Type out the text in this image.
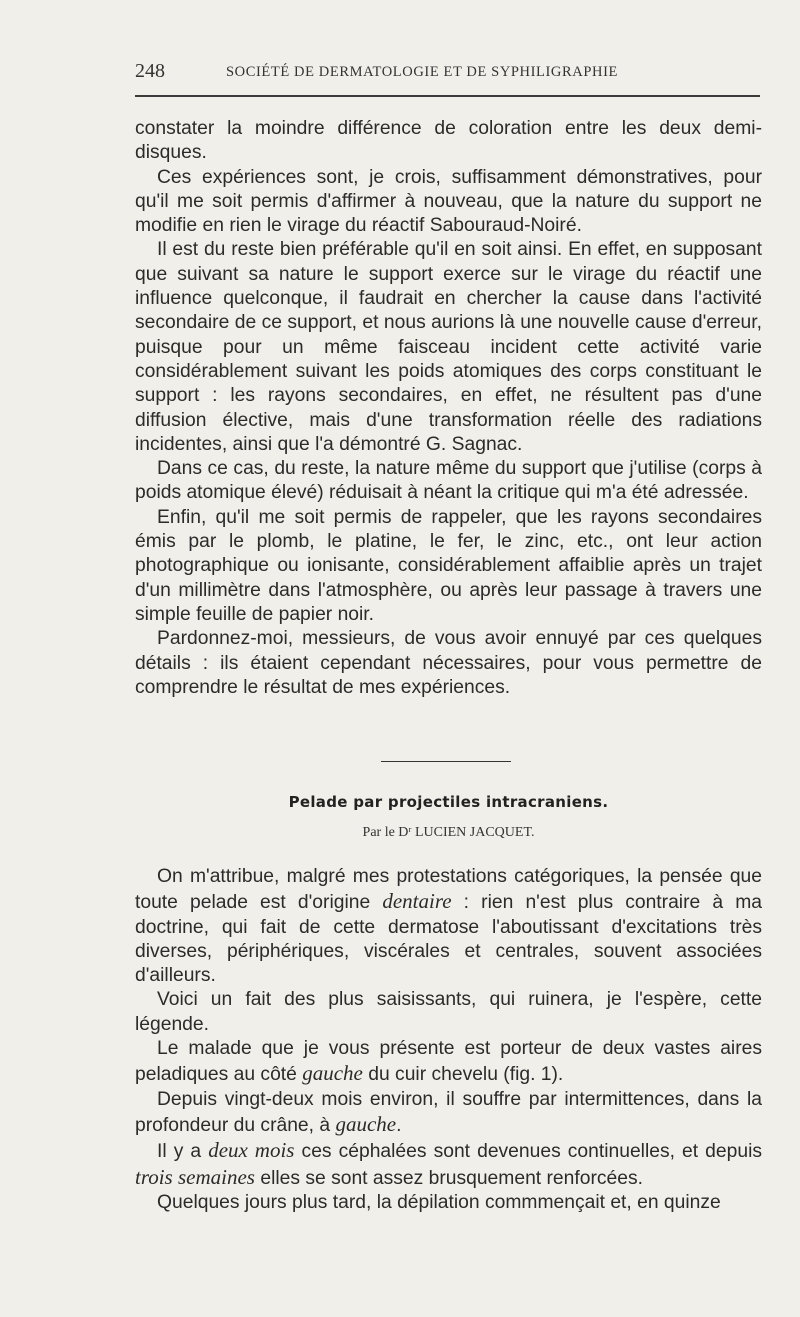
248	SOCIÉTÉ DE DERMATOLOGIE ET DE SYPHILIGRAPHIE

constater la moindre différence de coloration entre les deux demi-disques.

Ces expériences sont, je crois, suffisamment démonstratives, pour qu'il me soit permis d'affirmer à nouveau, que la nature du support ne modifie en rien le virage du réactif Sabouraud-Noiré.

Il est du reste bien préférable qu'il en soit ainsi. En effet, en supposant que suivant sa nature le support exerce sur le virage du réactif une influence quelconque, il faudrait en chercher la cause dans l'activité secondaire de ce support, et nous aurions là une nouvelle cause d'erreur, puisque pour un même faisceau incident cette activité varie considérablement suivant les poids atomiques des corps constituant le support : les rayons secondaires, en effet, ne résultent pas d'une diffusion élective, mais d'une transformation réelle des radiations incidentes, ainsi que l'a démontré G. Sagnac.

Dans ce cas, du reste, la nature même du support que j'utilise (corps à poids atomique élevé) réduisait à néant la critique qui m'a été adressée.

Enfin, qu'il me soit permis de rappeler, que les rayons secondaires émis par le plomb, le platine, le fer, le zinc, etc., ont leur action photographique ou ionisante, considérablement affaiblie après un trajet d'un millimètre dans l'atmosphère, ou après leur passage à travers une simple feuille de papier noir.

Pardonnez-moi, messieurs, de vous avoir ennuyé par ces quelques détails : ils étaient cependant nécessaires, pour vous permettre de comprendre le résultat de mes expériences.

Pelade par projectiles intracraniens.
Par le Dʳ LUCIEN JACQUET.

On m'attribue, malgré mes protestations catégoriques, la pensée que toute pelade est d'origine dentaire : rien n'est plus contraire à ma doctrine, qui fait de cette dermatose l'aboutissant d'excitations très diverses, périphériques, viscérales et centrales, souvent associées d'ailleurs.

Voici un fait des plus saisissants, qui ruinera, je l'espère, cette légende.

Le malade que je vous présente est porteur de deux vastes aires peladiques au côté gauche du cuir chevelu (fig. 1).

Depuis vingt-deux mois environ, il souffre par intermittences, dans la profondeur du crâne, à gauche.

Il y a deux mois ces céphalées sont devenues continuelles, et depuis trois semaines elles se sont assez brusquement renforcées.

Quelques jours plus tard, la dépilation commmençait et, en quinze
